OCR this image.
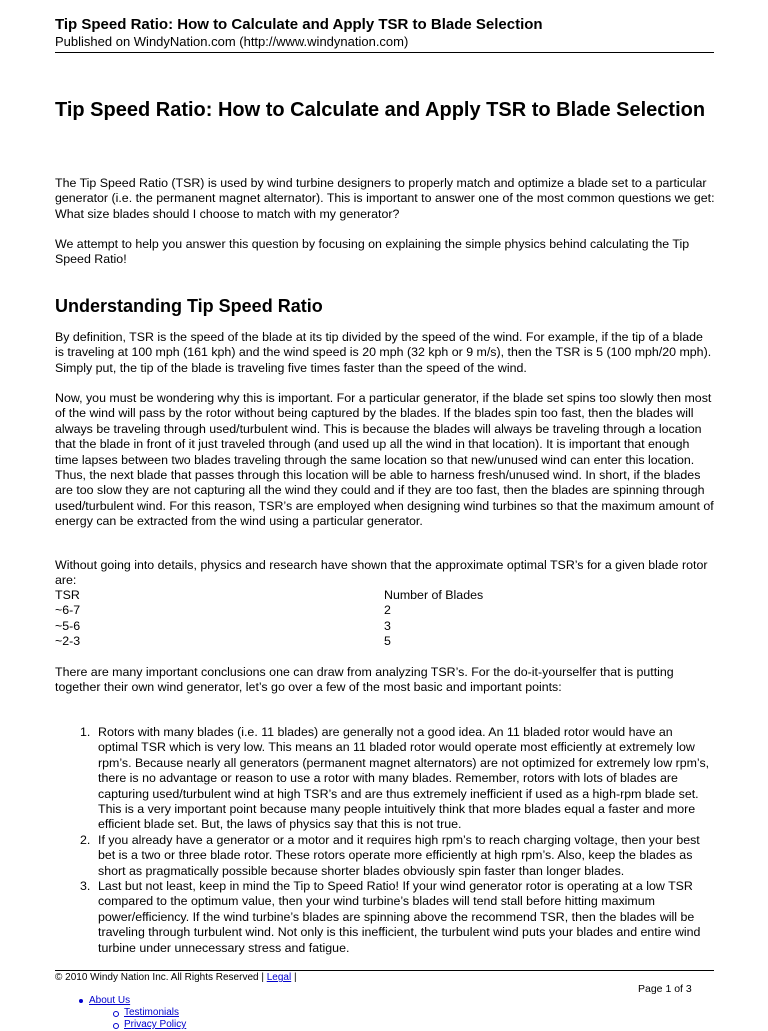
Tip Speed Ratio: How to Calculate and Apply TSR to Blade Selection
Published on WindyNation.com (http://www.windynation.com)
Tip Speed Ratio: How to Calculate and Apply TSR to Blade Selection

The Tip Speed Ratio (TSR) is used by wind turbine designers to properly match and optimize a blade set to a particular generator (i.e. the permanent magnet alternator). This is important to answer one of the most common questions we get: What size blades should I choose to match with my generator?

We attempt to help you answer this question by focusing on explaining the simple physics behind calculating the Tip Speed Ratio!

Understanding Tip Speed Ratio

By definition, TSR is the speed of the blade at its tip divided by the speed of the wind. For example, if the tip of a blade is traveling at 100 mph (161 kph) and the wind speed is 20 mph (32 kph or 9 m/s), then the TSR is 5 (100 mph/20 mph). Simply put, the tip of the blade is traveling five times faster than the speed of the wind.

Now, you must be wondering why this is important. For a particular generator, if the blade set spins too slowly then most of the wind will pass by the rotor without being captured by the blades. If the blades spin too fast, then the blades will always be traveling through used/turbulent wind. This is because the blades will always be traveling through a location that the blade in front of it just traveled through (and used up all the wind in that location). It is important that enough time lapses between two blades traveling through the same location so that new/unused wind can enter this location. Thus, the next blade that passes through this location will be able to harness fresh/unused wind. In short, if the blades are too slow they are not capturing all the wind they could and if they are too fast, then the blades are spinning through used/turbulent wind. For this reason, TSR’s are employed when designing wind turbines so that the maximum amount of energy can be extracted from the wind using a particular generator.

Without going into details, physics and research have shown that the approximate optimal TSR’s for a given blade rotor are:

TSR	Number of Blades
~6-7	2
~5-6	3
~2-3	5

There are many important conclusions one can draw from analyzing TSR’s. For the do-it-yourselfer that is putting together their own wind generator, let’s go over a few of the most basic and important points:

1. Rotors with many blades (i.e. 11 blades) are generally not a good idea. An 11 bladed rotor would have an optimal TSR which is very low. This means an 11 bladed rotor would operate most efficiently at extremely low rpm’s. Because nearly all generators (permanent magnet alternators) are not optimized for extremely low rpm’s, there is no advantage or reason to use a rotor with many blades. Remember, rotors with lots of blades are capturing used/turbulent wind at high TSR’s and are thus extremely inefficient if used as a high-rpm blade set. This is a very important point because many people intuitively think that more blades equal a faster and more efficient blade set. But, the laws of physics say that this is not true.
2. If you already have a generator or a motor and it requires high rpm’s to reach charging voltage, then your best bet is a two or three blade rotor. These rotors operate more efficiently at high rpm’s. Also, keep the blades as short as pragmatically possible because shorter blades obviously spin faster than longer blades.
3. Last but not least, keep in mind the Tip to Speed Ratio! If your wind generator rotor is operating at a low TSR compared to the optimum value, then your wind turbine’s blades will tend stall before hitting maximum power/efficiency. If the wind turbine’s blades are spinning above the recommend TSR, then the blades will be traveling through turbulent wind. Not only is this inefficient, the turbulent wind puts your blades and entire wind turbine under unnecessary stress and fatigue.
© 2010 Windy Nation Inc. All Rights Reserved | Legal |
Page 1 of 3
About Us
Testimonials
Privacy Policy
